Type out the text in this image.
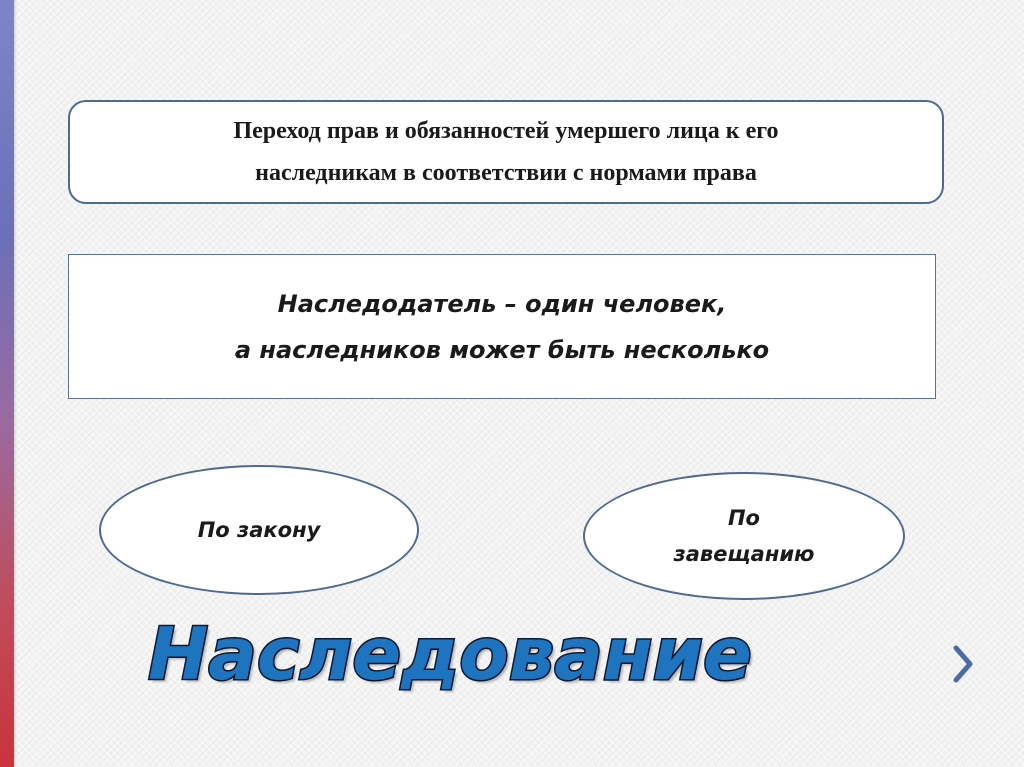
Переход прав и обязанностей умершего лица к его
наследникам в соответствии с нормами права
Наследодатель – один человек,
а наследников может быть несколько
По закону	По
завещанию
Наследование
